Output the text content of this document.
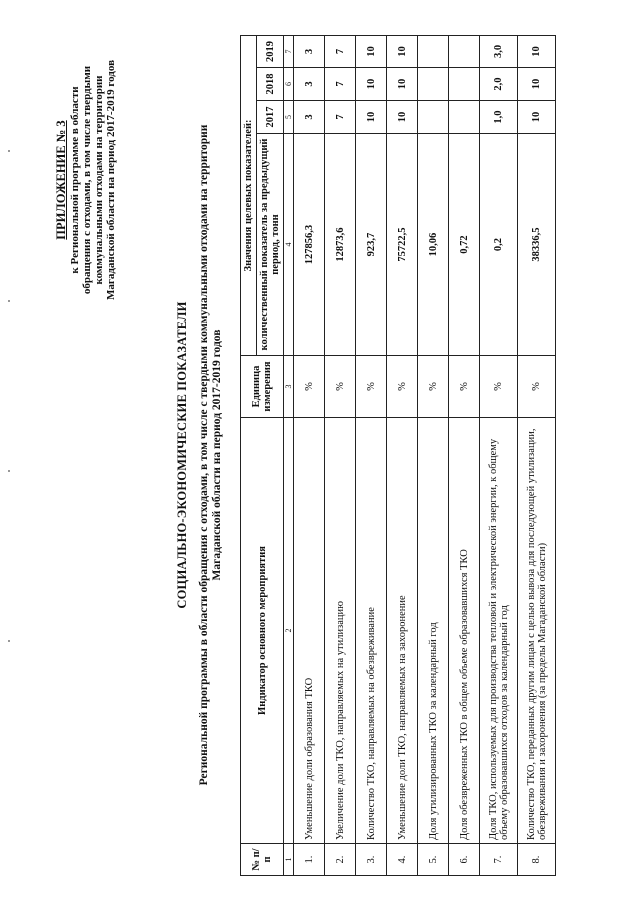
ПРИЛОЖЕНИЕ № 3 к Региональной программе в области обращения с отходами, в том числе твердыми коммунальными отходами на территории Магаданской области на период 2017-2019 годов
СОЦИАЛЬНО-ЭКОНОМИЧЕСКИЕ ПОКАЗАТЕЛИ Региональной программы в области обращения с отходами, в том числе с твердыми коммунальными отходами на территории Магаданской области на период 2017-2019 годов
№ п/п	Индикатор основного мероприятия	Единица измерения	Значения целевых показателей:			
			количественный показатель за предыдущий период, тонн	2017	2018	2019
1	2	3	4	5	6	7
1.	Уменьшение доли образования ТКО	%	127856,3	3	3	3
2.	Увеличение доли ТКО, направляемых на утилизацию	%	12873,6	7	7	7
3.	Количество ТКО, направляемых на обезвреживание	%	923,7	10	10	10
4.	Уменьшение доли ТКО, направляемых на захоронение	%	75722,5	10	10	10
5.	Доля утилизированных ТКО за календарный год	%	10,06			
6.	Доля обезвреженных ТКО в общем объеме образовавшихся ТКО	%	0,72			
7.	Доля ТКО, используемых для производства тепловой и электрической энергии, к общему объему образовавшихся отходов за календарный год	%	0,2	1,0	2,0	3,0
8.	Количество ТКО, переданных другим лицам с целью вывоза для последующей утилизации, обезвреживания и захоронения (за пределы Магаданской области)	%	38336,5	10	10	10
